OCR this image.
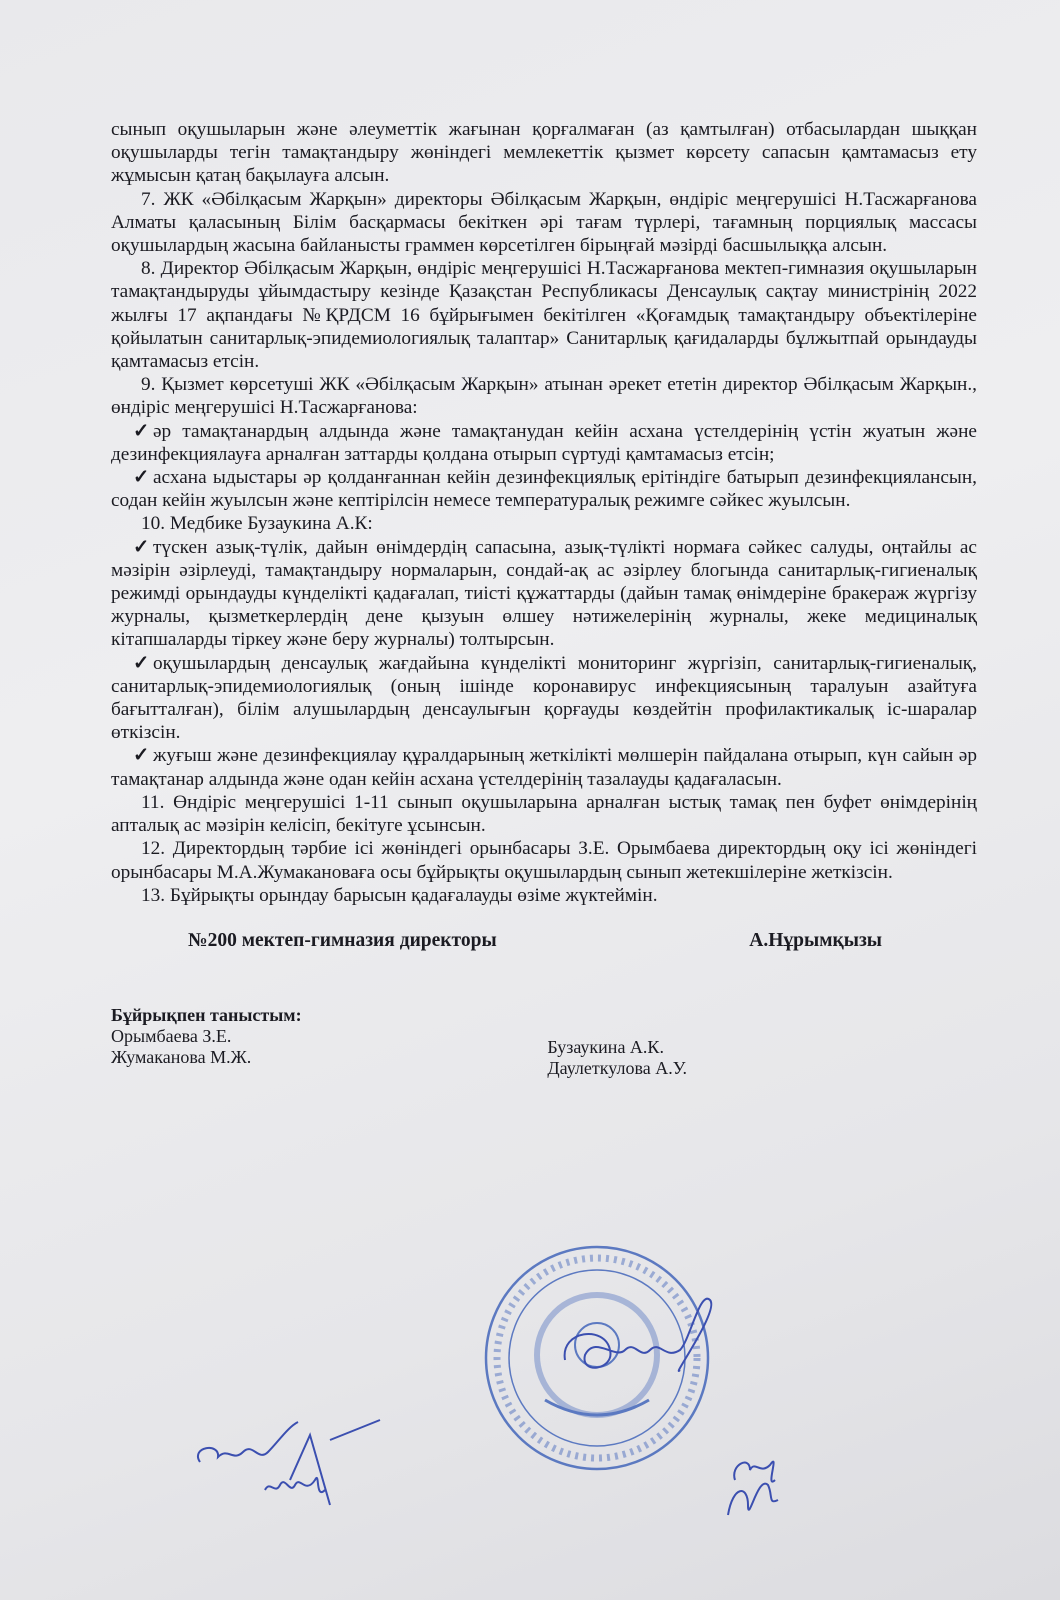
сынып оқушыларын және әлеуметтік жағынан қорғалмаған (аз қамтылған) отбасылардан шыққан оқушыларды тегін тамақтандыру жөніндегі мемлекеттік қызмет көрсету сапасын қамтамасыз ету жұмысын қатаң бақылауға алсын.

7. ЖК «Әбілқасым Жарқын» директоры Әбілқасым Жарқын, өндіріс меңгерушісі Н.Тасжарғанова Алматы қаласының Білім басқармасы бекіткен әрі тағам түрлері, тағамның порциялық массасы оқушылардың жасына байланысты граммен көрсетілген бірыңғай мәзірді басшылыққа алсын.

8. Директор Әбілқасым Жарқын, өндіріс меңгерушісі Н.Тасжарғанова мектеп-гимназия оқушыларын тамақтандыруды ұйымдастыру кезінде Қазақстан Республикасы Денсаулық сақтау министрінің 2022 жылғы 17 ақпандағы №ҚРДСМ 16 бұйрығымен бекітілген «Қоғамдық тамақтандыру объектілеріне қойылатын санитарлық-эпидемиологиялық талаптар» Санитарлық қағидаларды бұлжытпай орындауды қамтамасыз етсін.

9. Қызмет көрсетуші ЖК «Әбілқасым Жарқын» атынан әрекет ететін директор Әбілқасым Жарқын., өндіріс меңгерушісі Н.Тасжарғанова:

✓ әр тамақтанардың алдында және тамақтанудан кейін асхана үстелдерінің үстін жуатын және дезинфекциялауға арналған заттарды қолдана отырып сүртуді қамтамасыз етсін;

✓ асхана ыдыстары әр қолданғаннан кейін дезинфекциялық ерітіндіге батырып дезинфекциялансын, содан кейін жуылсын және кептірілсін немесе температуралық режимге сәйкес жуылсын.

10. Медбике Бузаукина А.К:

✓ түскен азық-түлік, дайын өнімдердің сапасына, азық-түлікті нормаға сәйкес салуды, оңтайлы ас мәзірін әзірлеуді, тамақтандыру нормаларын, сондай-ақ ас әзірлеу блогында санитарлық-гигиеналық режимді орындауды күнделікті қадағалап, тиісті құжаттарды (дайын тамақ өнімдеріне бракераж жүргізу журналы, қызметкерлердің дене қызуын өлшеу нәтижелерінің журналы, жеке медициналық кітапшаларды тіркеу және беру журналы) толтырсын.

✓ оқушылардың денсаулық жағдайына күнделікті мониторинг жүргізіп, санитарлық-гигиеналық, санитарлық-эпидемиологиялық (оның ішінде коронавирус инфекциясының таралуын азайтуға бағытталған), білім алушылардың денсаулығын қорғауды көздейтін профилактикалық іс-шаралар өткізсін.

✓ жуғыш және дезинфекциялау құралдарының жеткілікті мөлшерін пайдалана отырып, күн сайын әр тамақтанар алдында және одан кейін асхана үстелдерінің тазалауды қадағаласын.

11. Өндіріс меңгерушісі 1-11 сынып оқушыларына арналған ыстық тамақ пен буфет өнімдерінің апталық ас мәзірін келісіп, бекітуге ұсынсын.

12. Директордың тәрбие ісі жөніндегі орынбасары З.Е. Орымбаева директордың оқу ісі жөніндегі орынбасары М.А.Жумакановаға осы бұйрықты оқушылардың сынып жетекшілеріне жеткізсін.

13. Бұйрықты орындау барысын қадағалауды өзіме жүктеймін.

№200 мектеп-гимназия директоры	А.Нұрымқызы
Бұйрықпен таныстым:
Орымбаева З.Е.
Жумаканова М.Ж.	Бузаукина А.К.
Даулеткулова А.У.
